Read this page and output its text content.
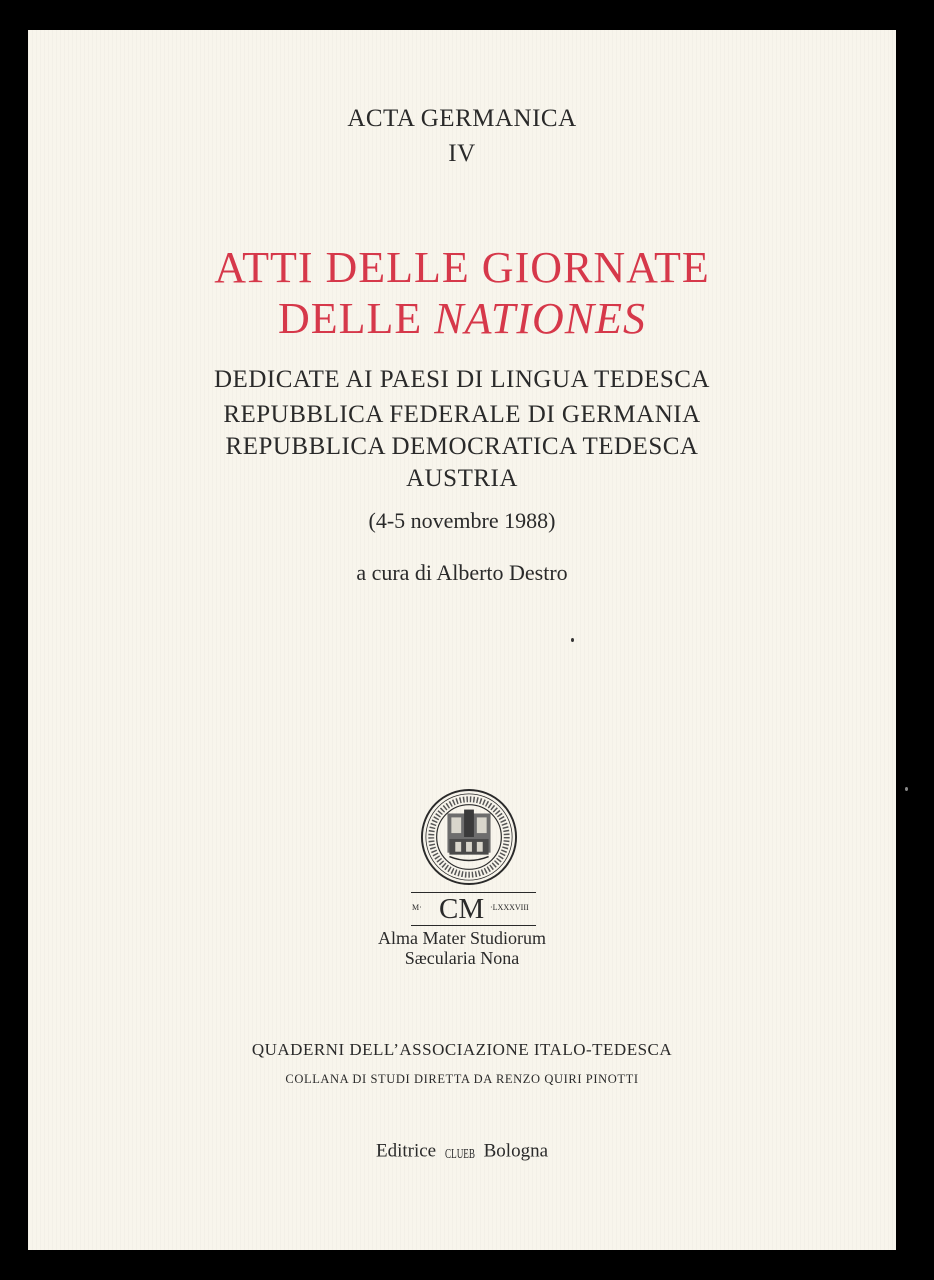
ACTA GERMANICA
IV
ATTI DELLE GIORNATE
DELLE NATIONES
DEDICATE AI PAESI DI LINGUA TEDESCA
REPUBBLICA FEDERALE DI GERMANIA
REPUBBLICA DEMOCRATICA TEDESCA
AUSTRIA
(4-5 novembre 1988)
a cura di Alberto Destro
M· CM ·LXXXVIII
Alma Mater Studiorum
Sæcularia Nona
QUADERNI DELL’ASSOCIAZIONE ITALO-TEDESCA
COLLANA DI STUDI DIRETTA DA RENZO QUIRI PINOTTI
Editrice CLUEB Bologna
